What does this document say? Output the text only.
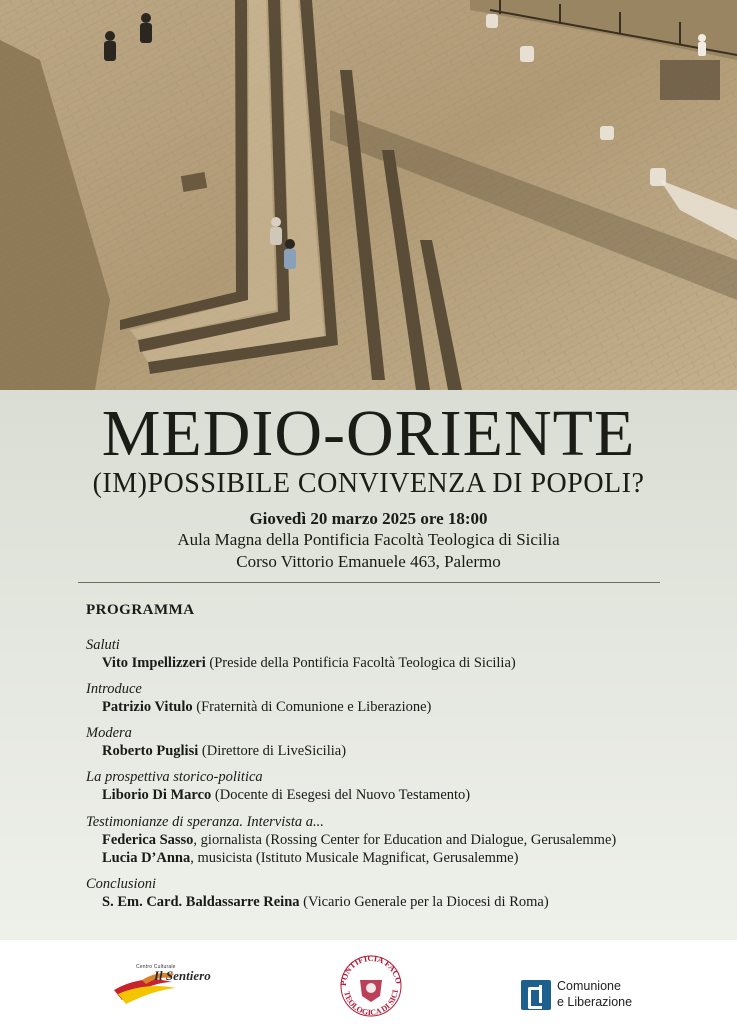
MEDIO-ORIENTE
(IM)POSSIBILE CONVIVENZA DI POPOLI?
Giovedì 20 marzo 2025 ore 18:00
Aula Magna della Pontificia Facoltà Teologica di Sicilia
Corso Vittorio Emanuele 463, Palermo
PROGRAMMA
Saluti
Vito Impellizzeri (Preside della Pontificia Facoltà Teologica di Sicilia)
Introduce
Patrizio Vitulo (Fraternità di Comunione e Liberazione)
Modera
Roberto Puglisi (Direttore di LiveSicilia)
La prospettiva storico-politica
Liborio Di Marco (Docente di Esegesi del Nuovo Testamento)
Testimonianze di speranza. Intervista a...
Federica Sasso, giornalista (Rossing Center for Education and Dialogue, Gerusalemme)
Lucia D’Anna, musicista (Istituto Musicale Magnificat, Gerusalemme)
Conclusioni
S. Em. Card. Baldassarre Reina (Vicario Generale per la Diocesi di Roma)
Centro Culturale
Il Sentiero
PONTIFICIA FACO
TEOLOGICA DI SICI	Comunione
e Liberazione
